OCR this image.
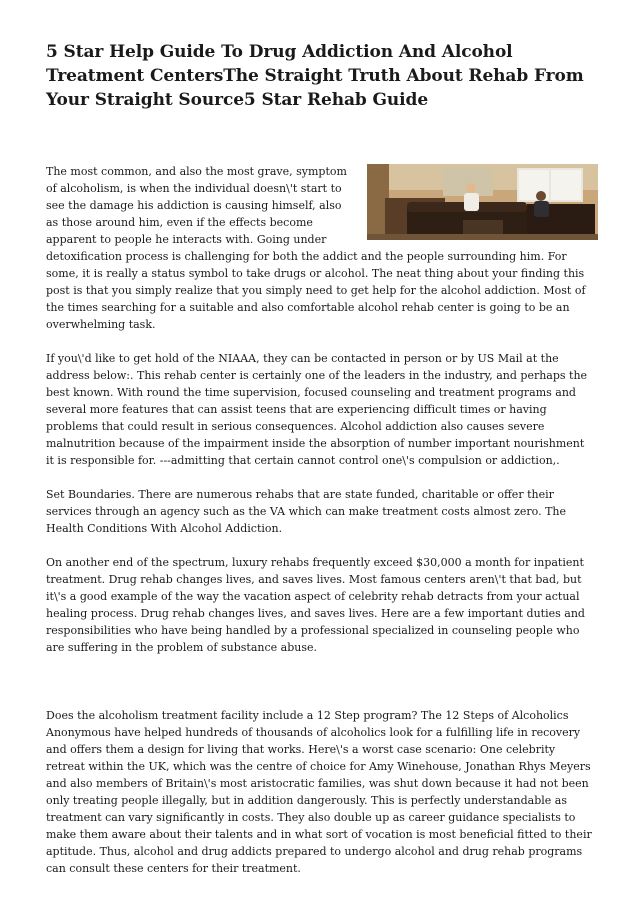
5 Star Help Guide To Drug Addiction And Alcohol Treatment CentersThe Straight Truth About Rehab From Your Straight Source5 Star Rehab Guide

The most common, and also the most grave, symptom of alcoholism, is when the individual doesn\'t start to see the damage his addiction is causing himself, also as those around him, even if the effects become apparent to people he interacts with. Going under detoxification process is challenging for both the addict and the people surrounding him. For some, it is really a status symbol to take drugs or alcohol. The neat thing about your finding this post is that you simply realize that you simply need to get help for the alcohol addiction. Most of the times searching for a suitable and also comfortable alcohol rehab center is going to be an overwhelming task.

If you\'d like to get hold of the NIAAA, they can be contacted in person or by US Mail at the address below:. This rehab center is certainly one of the leaders in the industry, and perhaps the best known. With round the time supervision, focused counseling and treatment programs and several more features that can assist teens that are experiencing difficult times or having problems that could result in serious consequences. Alcohol addiction also causes severe malnutrition because of the impairment inside the absorption of number important nourishment it is responsible for. ---admitting that certain cannot control one\'s compulsion or addiction,.

Set Boundaries. There are numerous rehabs that are state funded, charitable or offer their services through an agency such as the VA which can make treatment costs almost zero. The Health Conditions With Alcohol Addiction.

On another end of the spectrum, luxury rehabs frequently exceed $30,000 a month for inpatient treatment. Drug rehab changes lives, and saves lives. Most famous centers aren\'t that bad, but it\'s a good example of the way the vacation aspect of celebrity rehab detracts from your actual healing process. Drug rehab changes lives, and saves lives. Here are a few important duties and responsibilities who have being handled by a professional specialized in counseling people who are suffering in the problem of substance abuse.

Does the alcoholism treatment facility include a 12 Step program? The 12 Steps of Alcoholics Anonymous have helped hundreds of thousands of alcoholics look for a fulfilling life in recovery and offers them a design for living that works. Here\'s a worst case scenario: One celebrity retreat within the UK, which was the centre of choice for Amy Winehouse, Jonathan Rhys Meyers and also members of Britain\'s most aristocratic families, was shut down because it had not been only treating people illegally, but in addition dangerously. This is perfectly understandable as treatment can vary significantly in costs. They also double up as career guidance specialists to make them aware about their talents and in what sort of vocation is most beneficial fitted to their aptitude. Thus, alcohol and drug addicts prepared to undergo alcohol and drug rehab programs can consult these centers for their treatment.
